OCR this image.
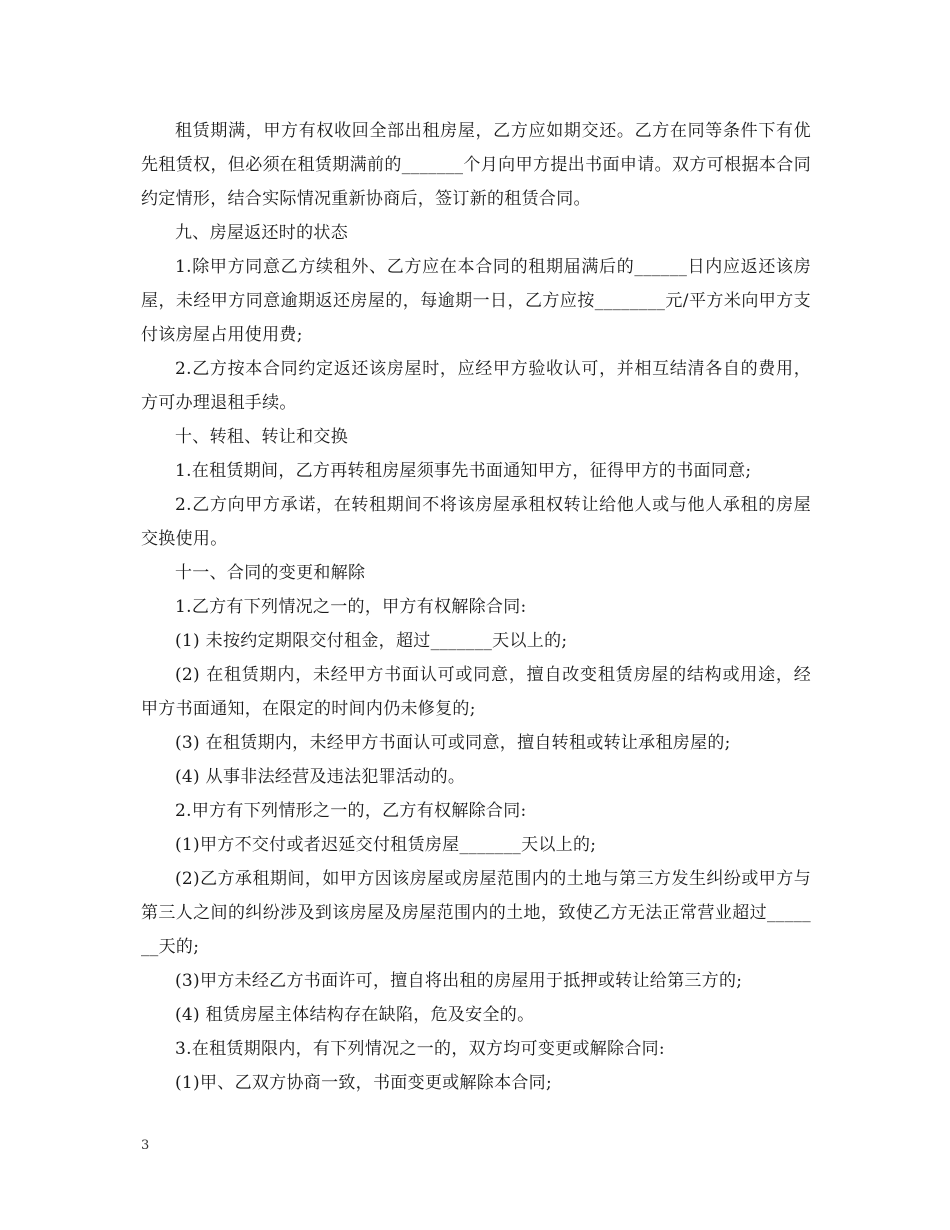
租赁期满，甲方有权收回全部出租房屋，乙方应如期交还。乙方在同等条件下有优先租赁权，但必须在租赁期满前的_______个月向甲方提出书面申请。双方可根据本合同约定情形，结合实际情况重新协商后，签订新的租赁合同。

九、房屋返还时的状态

1.除甲方同意乙方续租外、乙方应在本合同的租期届满后的______日内应返还该房屋，未经甲方同意逾期返还房屋的，每逾期一日，乙方应按________元/平方米向甲方支付该房屋占用使用费;

2.乙方按本合同约定返还该房屋时，应经甲方验收认可，并相互结清各自的费用，方可办理退租手续。

十、转租、转让和交换

1.在租赁期间，乙方再转租房屋须事先书面通知甲方，征得甲方的书面同意;

2.乙方向甲方承诺，在转租期间不将该房屋承租权转让给他人或与他人承租的房屋交换使用。

十一、合同的变更和解除

1.乙方有下列情况之一的，甲方有权解除合同:

(1) 未按约定期限交付租金，超过_______天以上的;

(2) 在租赁期内，未经甲方书面认可或同意，擅自改变租赁房屋的结构或用途，经甲方书面通知，在限定的时间内仍未修复的;

(3) 在租赁期内，未经甲方书面认可或同意，擅自转租或转让承租房屋的;

(4) 从事非法经营及违法犯罪活动的。

2.甲方有下列情形之一的，乙方有权解除合同:

(1)甲方不交付或者迟延交付租赁房屋_______天以上的;

(2)乙方承租期间，如甲方因该房屋或房屋范围内的土地与第三方发生纠纷或甲方与第三人之间的纠纷涉及到该房屋及房屋范围内的土地，致使乙方无法正常营业超过_______天的;

(3)甲方未经乙方书面许可，擅自将出租的房屋用于抵押或转让给第三方的;

(4) 租赁房屋主体结构存在缺陷，危及安全的。

3.在租赁期限内，有下列情况之一的，双方均可变更或解除合同:

(1)甲、乙双方协商一致，书面变更或解除本合同;

3
